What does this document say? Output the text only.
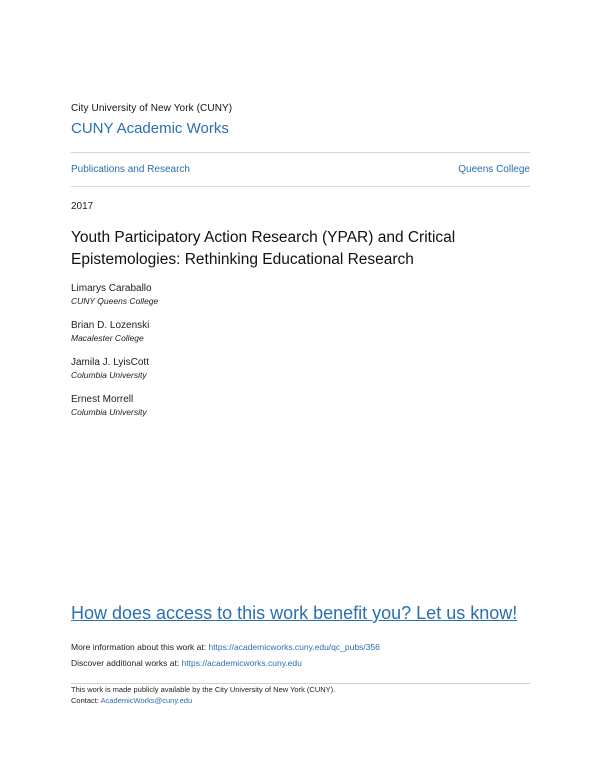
City University of New York (CUNY)
CUNY Academic Works
Publications and Research	Queens College
2017
Youth Participatory Action Research (YPAR) and Critical Epistemologies: Rethinking Educational Research
Limarys Caraballo
CUNY Queens College
Brian D. Lozenski
Macalester College
Jamila J. LyisCott
Columbia University
Ernest Morrell
Columbia University
How does access to this work benefit you? Let us know!
More information about this work at: https://academicworks.cuny.edu/qc_pubs/356
Discover additional works at: https://academicworks.cuny.edu
This work is made publicly available by the City University of New York (CUNY).
Contact: AcademicWorks@cuny.edu
